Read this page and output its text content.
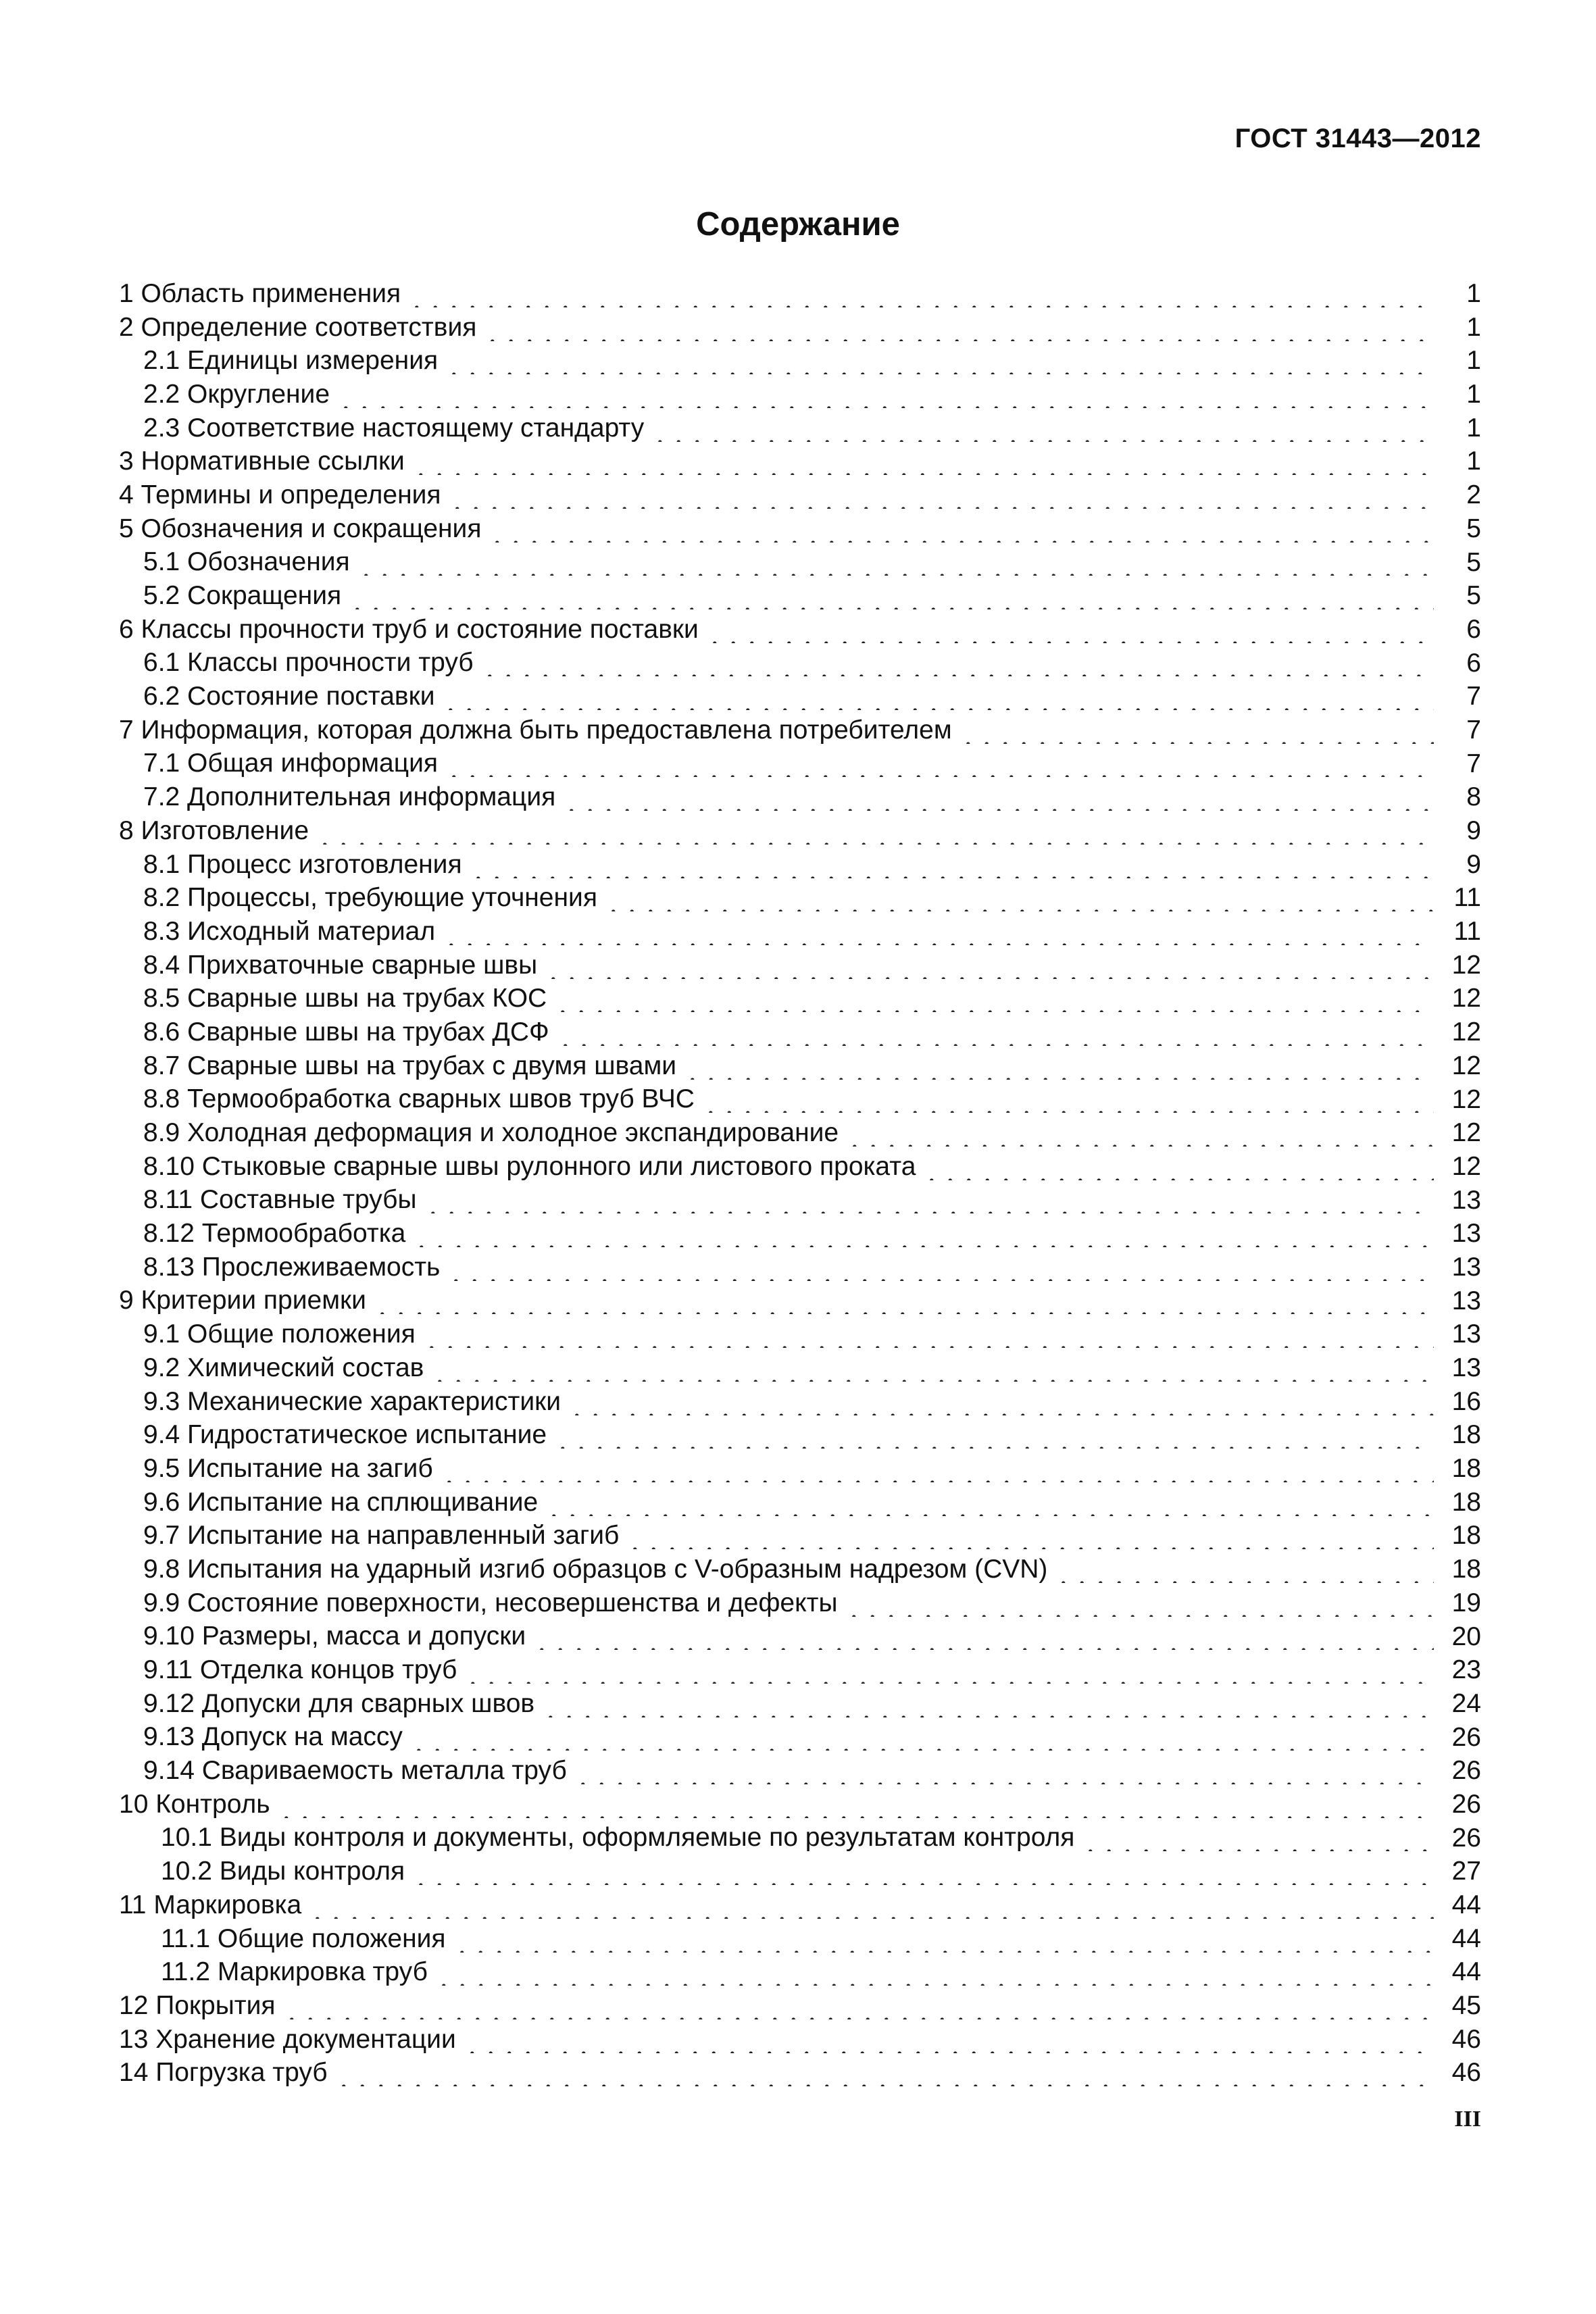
ГОСТ 31443—2012
Содержание
1 Область применения	1
2 Определение соответствия	1
2.1 Единицы измерения	1
2.2 Округление	1
2.3 Соответствие настоящему стандарту	1
3 Нормативные ссылки	1
4 Термины и определения	2
5 Обозначения и сокращения	5
5.1 Обозначения	5
5.2 Сокращения	5
6 Классы прочности труб и состояние поставки	6
6.1 Классы прочности труб	6
6.2 Состояние поставки	7
7 Информация, которая должна быть предоставлена потребителем	7
7.1 Общая информация	7
7.2 Дополнительная информация	8
8 Изготовление	9
8.1 Процесс изготовления	9
8.2 Процессы, требующие уточнения	11
8.3 Исходный материал	11
8.4 Прихваточные сварные швы	12
8.5 Сварные швы на трубах КОС	12
8.6 Сварные швы на трубах ДСФ	12
8.7 Сварные швы на трубах с двумя швами	12
8.8 Термообработка сварных швов труб ВЧС	12
8.9 Холодная деформация и холодное экспандирование	12
8.10 Стыковые сварные швы рулонного или листового проката	12
8.11 Составные трубы	13
8.12 Термообработка	13
8.13 Прослеживаемость	13
9 Критерии приемки	13
9.1 Общие положения	13
9.2 Химический состав	13
9.3 Механические характеристики	16
9.4 Гидростатическое испытание	18
9.5 Испытание на загиб	18
9.6 Испытание на сплющивание	18
9.7 Испытание на направленный загиб	18
9.8 Испытания на ударный изгиб образцов с V-образным надрезом (CVN)	18
9.9 Состояние поверхности, несовершенства и дефекты	19
9.10 Размеры, масса и допуски	20
9.11 Отделка концов труб	23
9.12 Допуски для сварных швов	24
9.13 Допуск на массу	26
9.14 Свариваемость металла труб	26
10 Контроль	26
10.1 Виды контроля и документы, оформляемые по результатам контроля	26
10.2 Виды контроля	27
11 Маркировка	44
11.1 Общие положения	44
11.2 Маркировка труб	44
12 Покрытия	45
13 Хранение документации	46
14 Погрузка труб	46
III
